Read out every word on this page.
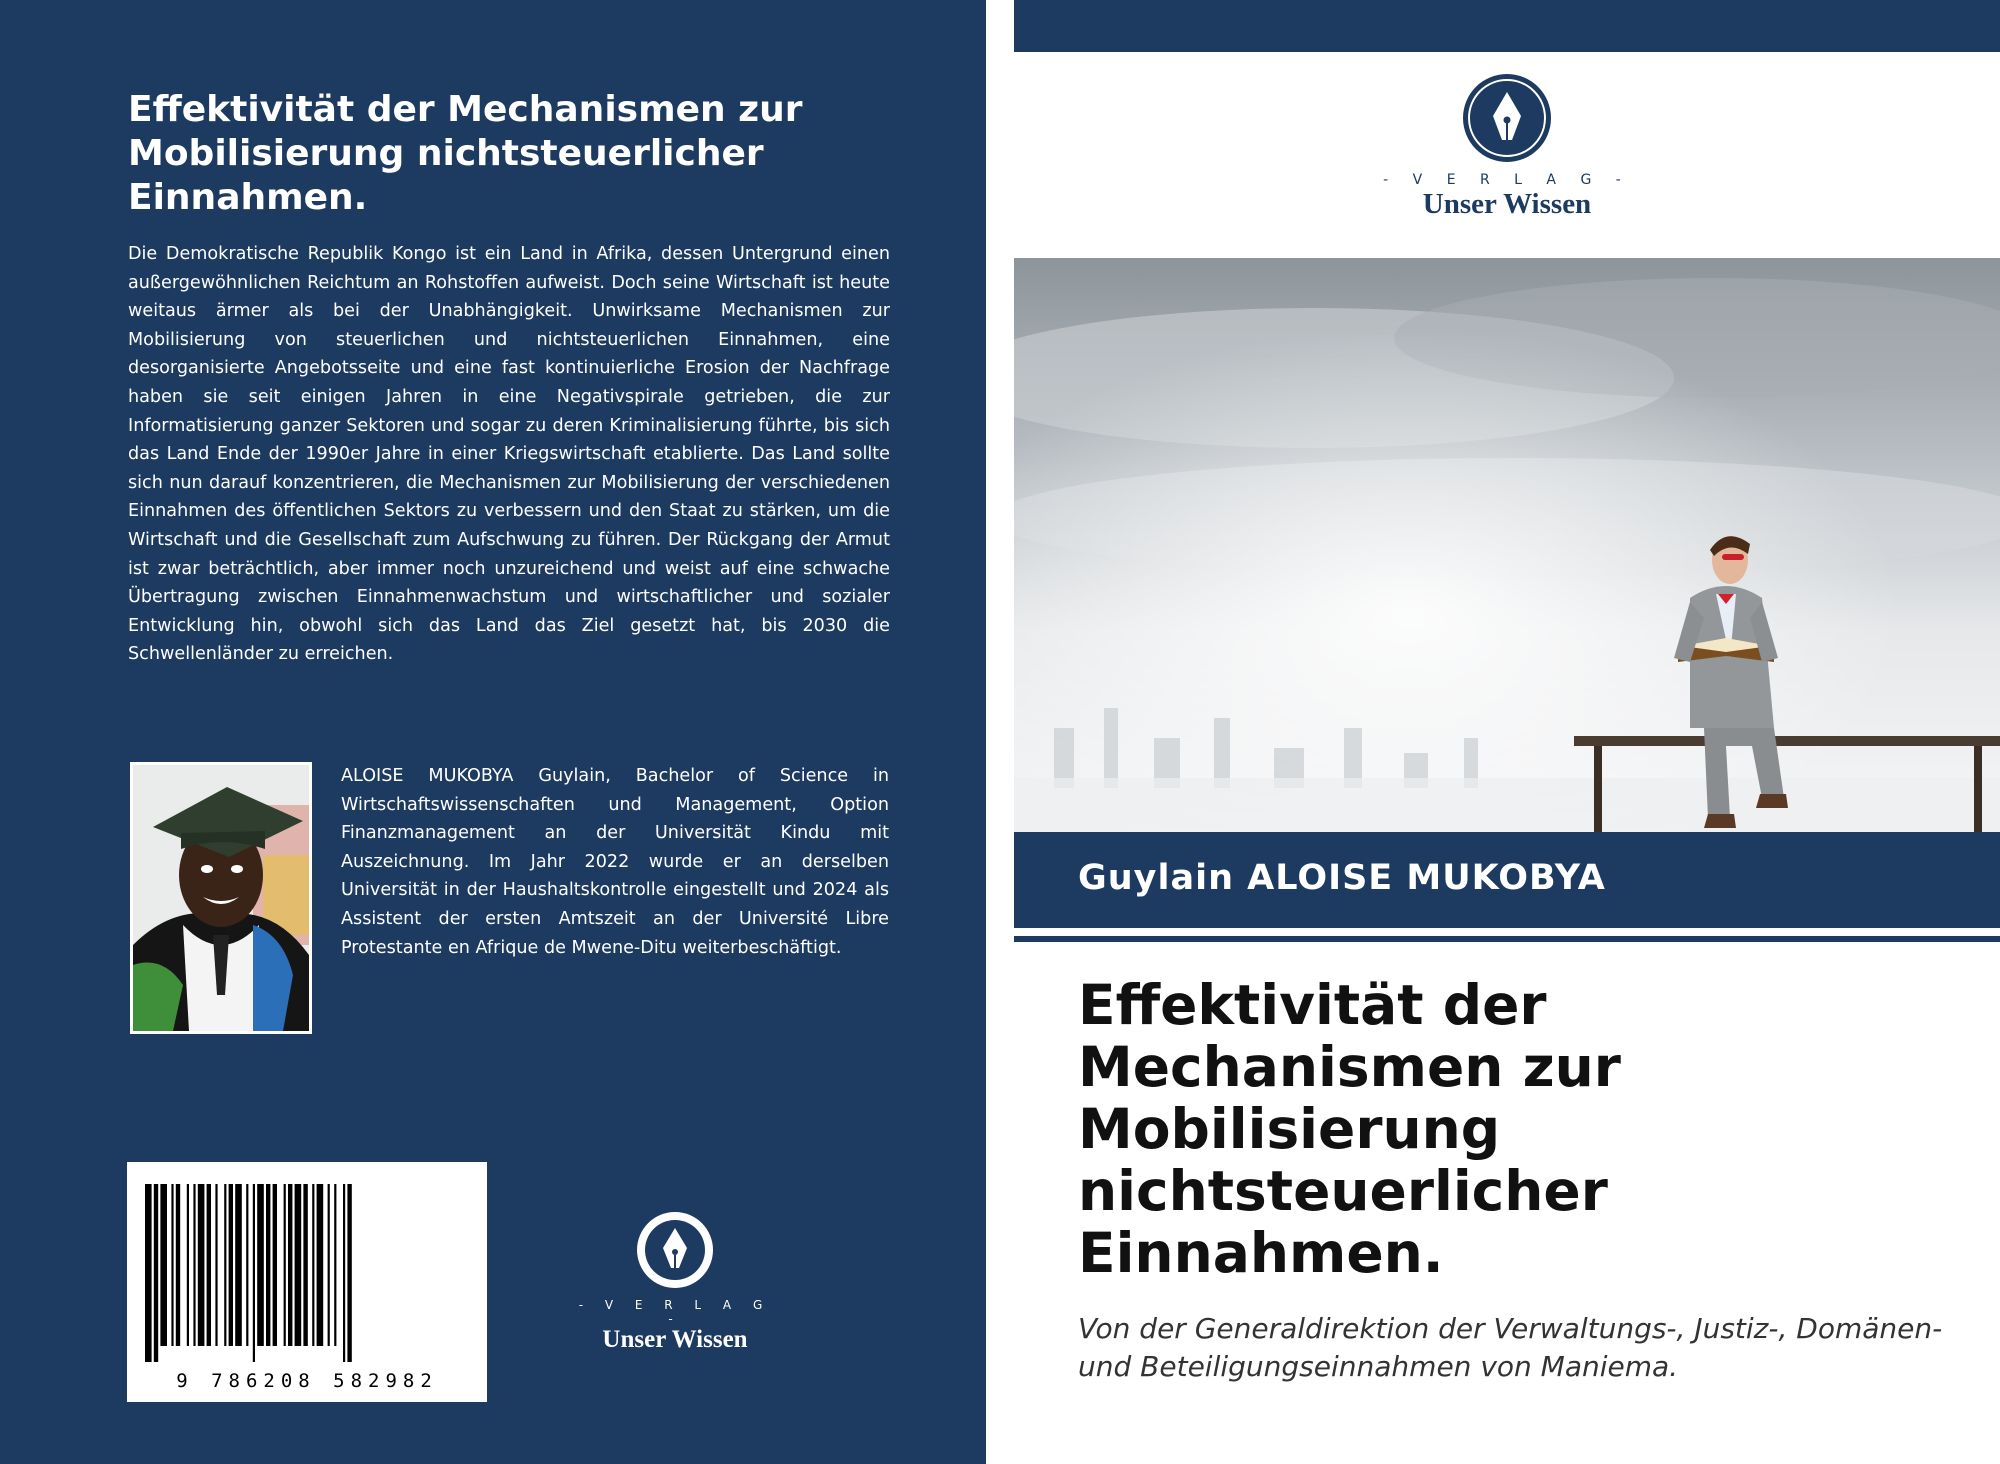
Effektivität der Mechanismen zur Mobilisierung nichtsteuerlicher Einnahmen.

Die Demokratische Republik Kongo ist ein Land in Afrika, dessen Untergrund einen außergewöhnlichen Reichtum an Rohstoffen aufweist. Doch seine Wirtschaft ist heute weitaus ärmer als bei der Unabhängigkeit. Unwirksame Mechanismen zur Mobilisierung von steuerlichen und nichtsteuerlichen Einnahmen, eine desorganisierte Angebotsseite und eine fast kontinuierliche Erosion der Nachfrage haben sie seit einigen Jahren in eine Negativspirale getrieben, die zur Informatisierung ganzer Sektoren und sogar zu deren Kriminalisierung führte, bis sich das Land Ende der 1990er Jahre in einer Kriegswirtschaft etablierte. Das Land sollte sich nun darauf konzentrieren, die Mechanismen zur Mobilisierung der verschiedenen Einnahmen des öffentlichen Sektors zu verbessern und den Staat zu stärken, um die Wirtschaft und die Gesellschaft zum Aufschwung zu führen. Der Rückgang der Armut ist zwar beträchtlich, aber immer noch unzureichend und weist auf eine schwache Übertragung zwischen Einnahmenwachstum und wirtschaftlicher und sozialer Entwicklung hin, obwohl sich das Land das Ziel gesetzt hat, bis 2030 die Schwellenländer zu erreichen.

ALOISE MUKOBYA Guylain, Bachelor of Science in Wirtschaftswissenschaften und Management, Option Finanzmanagement an der Universität Kindu mit Auszeichnung. Im Jahr 2022 wurde er an derselben Universität in der Haushaltskontrolle eingestellt und 2024 als Assistent der ersten Amtszeit an der Université Libre Protestante en Afrique de Mwene-Ditu weiterbeschäftigt.

9 786208 582982
- V E R L A G -
Unser Wissen
- V E R L A G -
Unser Wissen

Guylain ALOISE MUKOBYA

Effektivität der Mechanismen zur Mobilisierung nichtsteuerlicher Einnahmen.

Von der Generaldirektion der Verwaltungs-, Justiz-, Domänen- und Beteiligungseinnahmen von Maniema.
